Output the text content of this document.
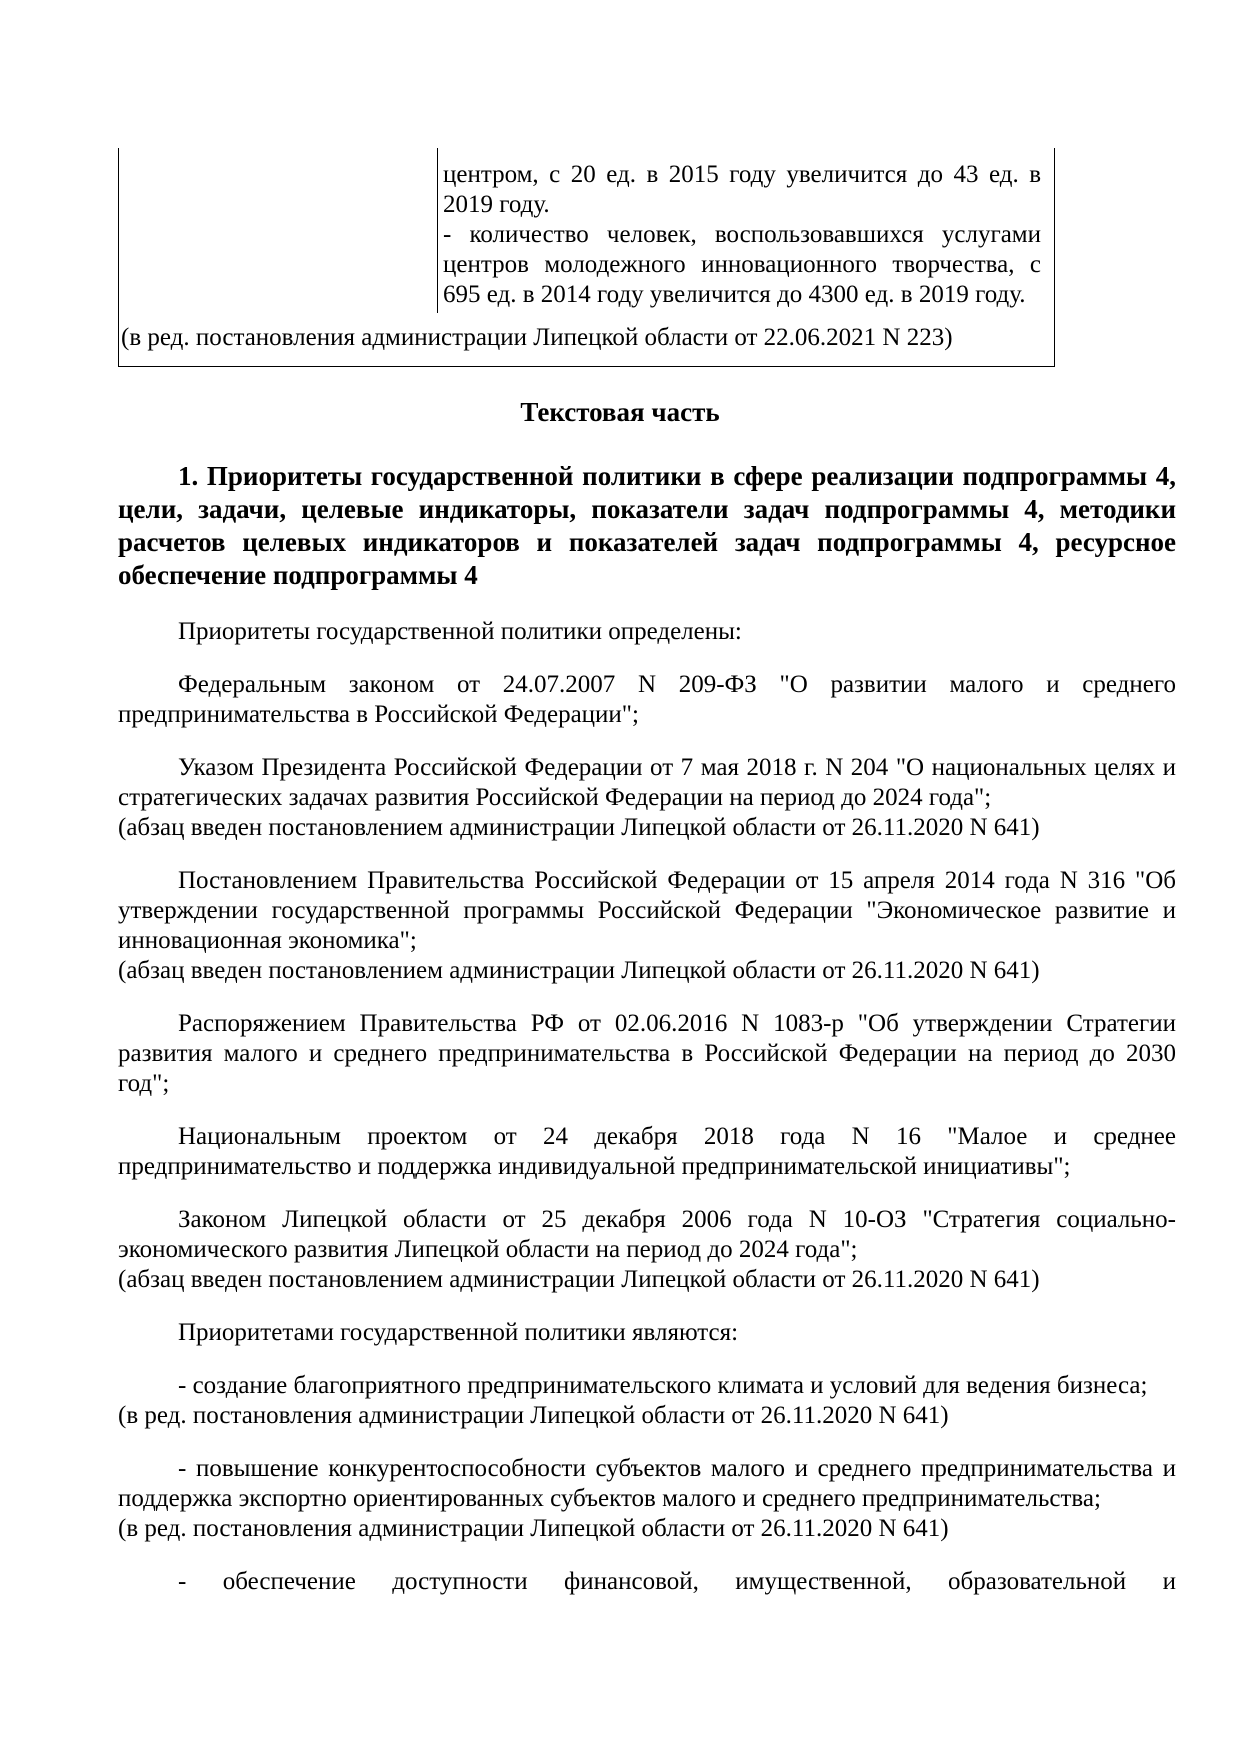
центром, с 20 ед. в 2015 году увеличится до 43 ед. в 2019 году.

- количество человек, воспользовавшихся услугами центров молодежного инновационного творчества, с 695 ед. в 2014 году увеличится до 4300 ед. в 2019 году.

(в ред. постановления администрации Липецкой области от 22.06.2021 N 223)
Текстовая часть
1. Приоритеты государственной политики в сфере реализации подпрограммы 4, цели, задачи, целевые индикаторы, показатели задач подпрограммы 4, методики расчетов целевых индикаторов и показателей задач подпрограммы 4, ресурсное обеспечение подпрограммы 4
Приоритеты государственной политики определены:
Федеральным законом от 24.07.2007 N 209-ФЗ "О развитии малого и среднего предпринимательства в Российской Федерации";
Указом Президента Российской Федерации от 7 мая 2018 г. N 204 "О национальных целях и стратегических задачах развития Российской Федерации на период до 2024 года";
(абзац введен постановлением администрации Липецкой области от 26.11.2020 N 641)
Постановлением Правительства Российской Федерации от 15 апреля 2014 года N 316 "Об утверждении государственной программы Российской Федерации "Экономическое развитие и инновационная экономика";
(абзац введен постановлением администрации Липецкой области от 26.11.2020 N 641)
Распоряжением Правительства РФ от 02.06.2016 N 1083-р "Об утверждении Стратегии развития малого и среднего предпринимательства в Российской Федерации на период до 2030 год";
Национальным проектом от 24 декабря 2018 года N 16 "Малое и среднее предпринимательство и поддержка индивидуальной предпринимательской инициативы";
Законом Липецкой области от 25 декабря 2006 года N 10-ОЗ "Стратегия социально-экономического развития Липецкой области на период до 2024 года";
(абзац введен постановлением администрации Липецкой области от 26.11.2020 N 641)
Приоритетами государственной политики являются:
- создание благоприятного предпринимательского климата и условий для ведения бизнеса;
(в ред. постановления администрации Липецкой области от 26.11.2020 N 641)
- повышение конкурентоспособности субъектов малого и среднего предпринимательства и поддержка экспортно ориентированных субъектов малого и среднего предпринимательства;
(в ред. постановления администрации Липецкой области от 26.11.2020 N 641)
- обеспечение доступности финансовой, имущественной, образовательной и
